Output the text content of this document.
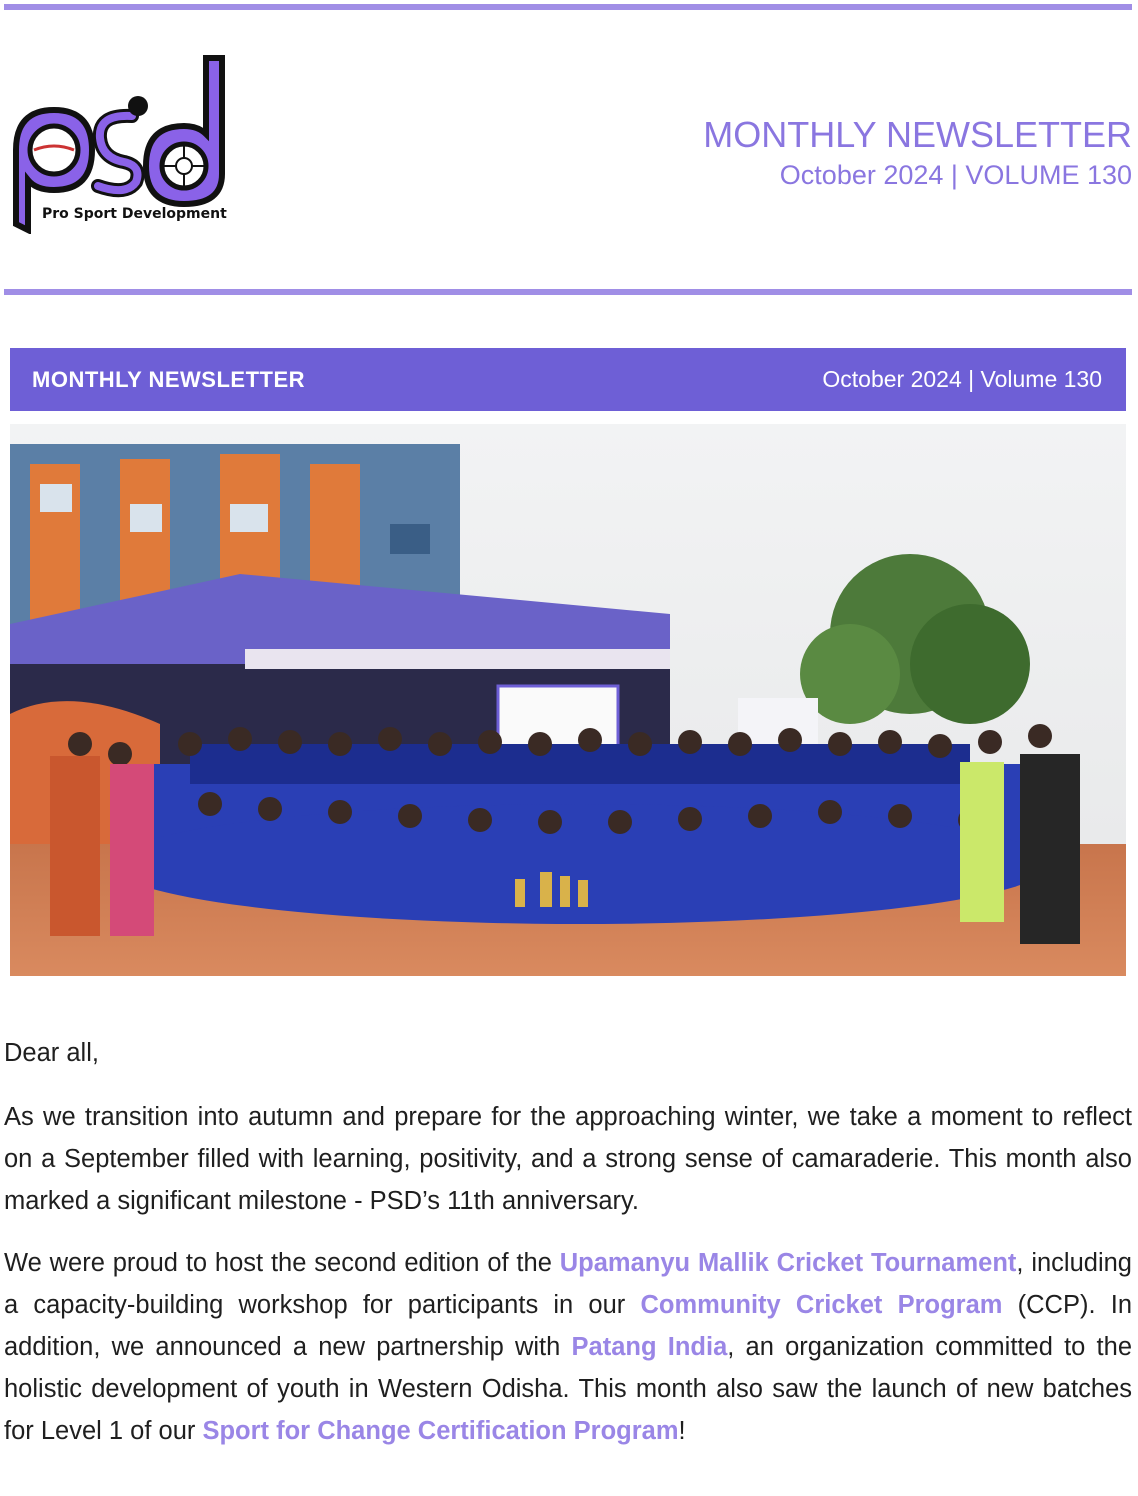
Pro Sport Development
MONTHLY NEWSLETTER
October 2024 | VOLUME 130
MONTHLY NEWSLETTER	October 2024 | Volume 130

Dear all,

As we transition into autumn and prepare for the approaching winter, we take a moment to reflect on a September filled with learning, positivity, and a strong sense of camaraderie. This month also marked a significant milestone - PSD’s 11th anniversary.

We were proud to host the second edition of the Upamanyu Mallik Cricket Tournament, including a capacity-building workshop for participants in our Community Cricket Program (CCP). In addition, we announced a new partnership with Patang India, an organization committed to the holistic development of youth in Western Odisha. This month also saw the launch of new batches for Level 1 of our Sport for Change Certification Program!
